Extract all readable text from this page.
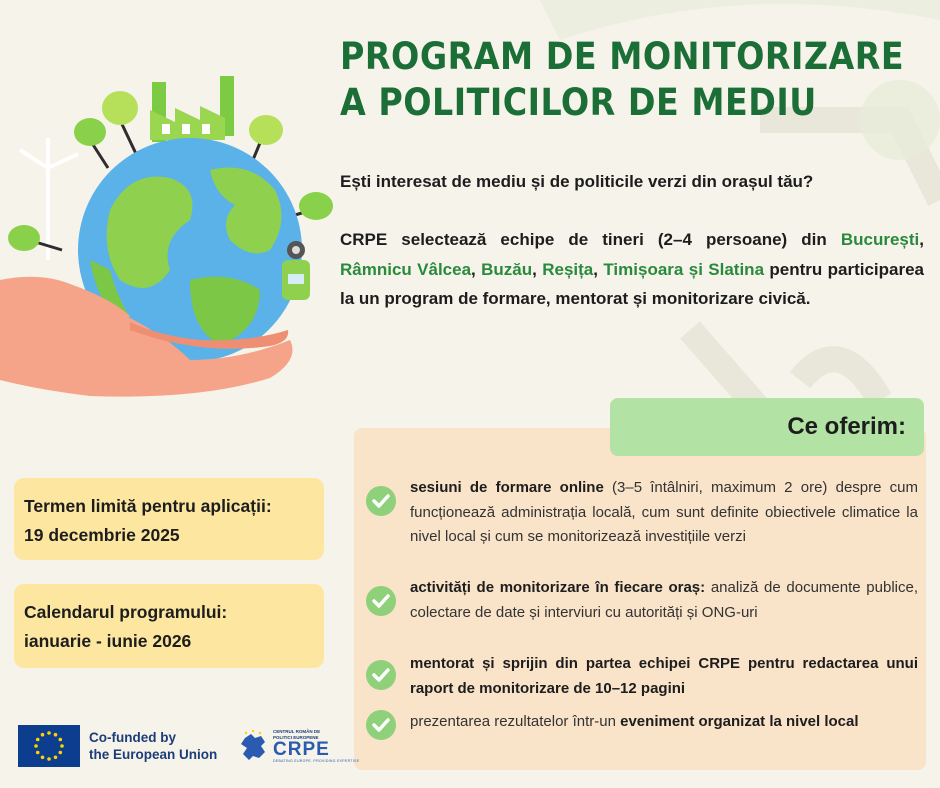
PROGRAM DE MONITORIZARE A POLITICILOR DE MEDIU

Ești interesat de mediu și de politicile verzi din orașul tău?

CRPE selectează echipe de tineri (2–4 persoane) din București, Râmnicu Vâlcea, Buzău, Reșița, Timișoara și Slatina pentru participarea la un program de formare, mentorat și monitorizare civică.

Termen limită pentru aplicații:
19 decembrie 2025
Calendarul programului:
ianuarie - iunie 2026
Ce oferim:
sesiuni de formare online (3–5 întâlniri, maximum 2 ore) despre cum funcționează administrația locală, cum sunt definite obiectivele climatice la nivel local și cum se monitorizează investițiile verzi
activități de monitorizare în fiecare oraș: analiză de documente publice, colectare de date și interviuri cu autorități și ONG-uri
mentorat și sprijin din partea echipei CRPE pentru redactarea unui raport de monitorizare de 10–12 pagini
prezentarea rezultatelor într-un eveniment organizat la nivel local
Co-funded by
the European Union
CENTRUL ROMÂN DE POLITICI EUROPENE
CRPE
DEBATING EUROPE. PROVIDING EXPERTISE
